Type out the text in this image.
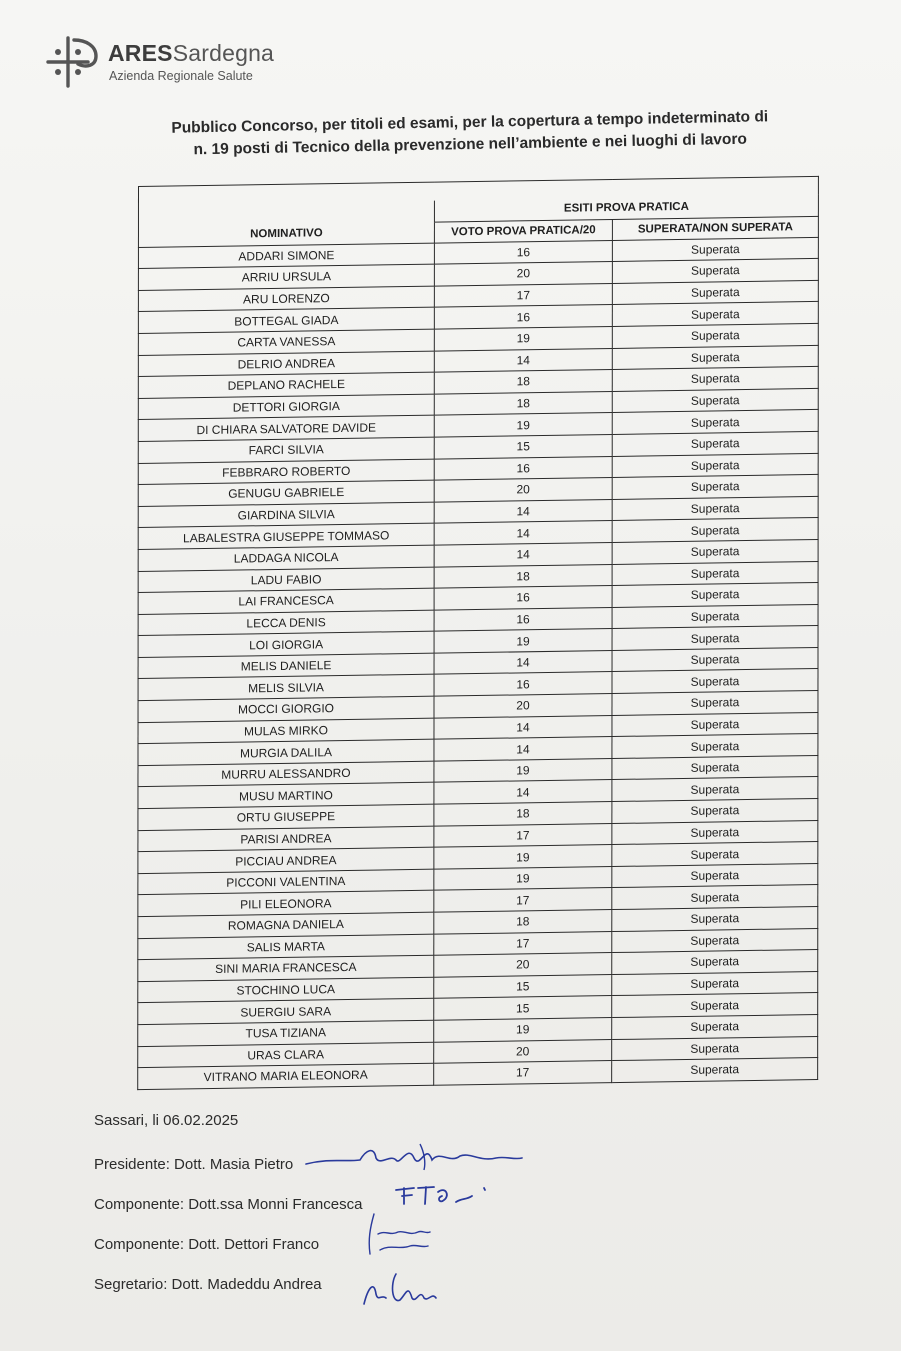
ARESSardegna
Azienda Regionale Salute
Pubblico Concorso, per titoli ed esami, per la copertura a tempo indeterminato di
n. 19 posti di Tecnico della prevenzione nell’ambiente e nei luoghi di lavoro

	ESITI PROVA PRATICA	
NOMINATIVO	VOTO PROVA PRATICA/20	SUPERATA/NON SUPERATA
ADDARI SIMONE	16	Superata
ARRIU URSULA	20	Superata
ARU LORENZO	17	Superata
BOTTEGAL GIADA	16	Superata
CARTA VANESSA	19	Superata
DELRIO ANDREA	14	Superata
DEPLANO RACHELE	18	Superata
DETTORI GIORGIA	18	Superata
DI CHIARA SALVATORE DAVIDE	19	Superata
FARCI SILVIA	15	Superata
FEBBRARO ROBERTO	16	Superata
GENUGU GABRIELE	20	Superata
GIARDINA SILVIA	14	Superata
LABALESTRA GIUSEPPE TOMMASO	14	Superata
LADDAGA NICOLA	14	Superata
LADU FABIO	18	Superata
LAI FRANCESCA	16	Superata
LECCA DENIS	16	Superata
LOI GIORGIA	19	Superata
MELIS DANIELE	14	Superata
MELIS SILVIA	16	Superata
MOCCI GIORGIO	20	Superata
MULAS MIRKO	14	Superata
MURGIA DALILA	14	Superata
MURRU ALESSANDRO	19	Superata
MUSU MARTINO	14	Superata
ORTU GIUSEPPE	18	Superata
PARISI ANDREA	17	Superata
PICCIAU ANDREA	19	Superata
PICCONI VALENTINA	19	Superata
PILI ELEONORA	17	Superata
ROMAGNA DANIELA	18	Superata
SALIS MARTA	17	Superata
SINI MARIA FRANCESCA	20	Superata
STOCHINO LUCA	15	Superata
SUERGIU SARA	15	Superata
TUSA TIZIANA	19	Superata
URAS CLARA	20	Superata
VITRANO MARIA ELEONORA	17	Superata
Sassari, li 06.02.2025
Presidente: Dott. Masia Pietro
Componente: Dott.ssa Monni Francesca
Componente: Dott. Dettori Franco
Segretario: Dott. Madeddu Andrea
